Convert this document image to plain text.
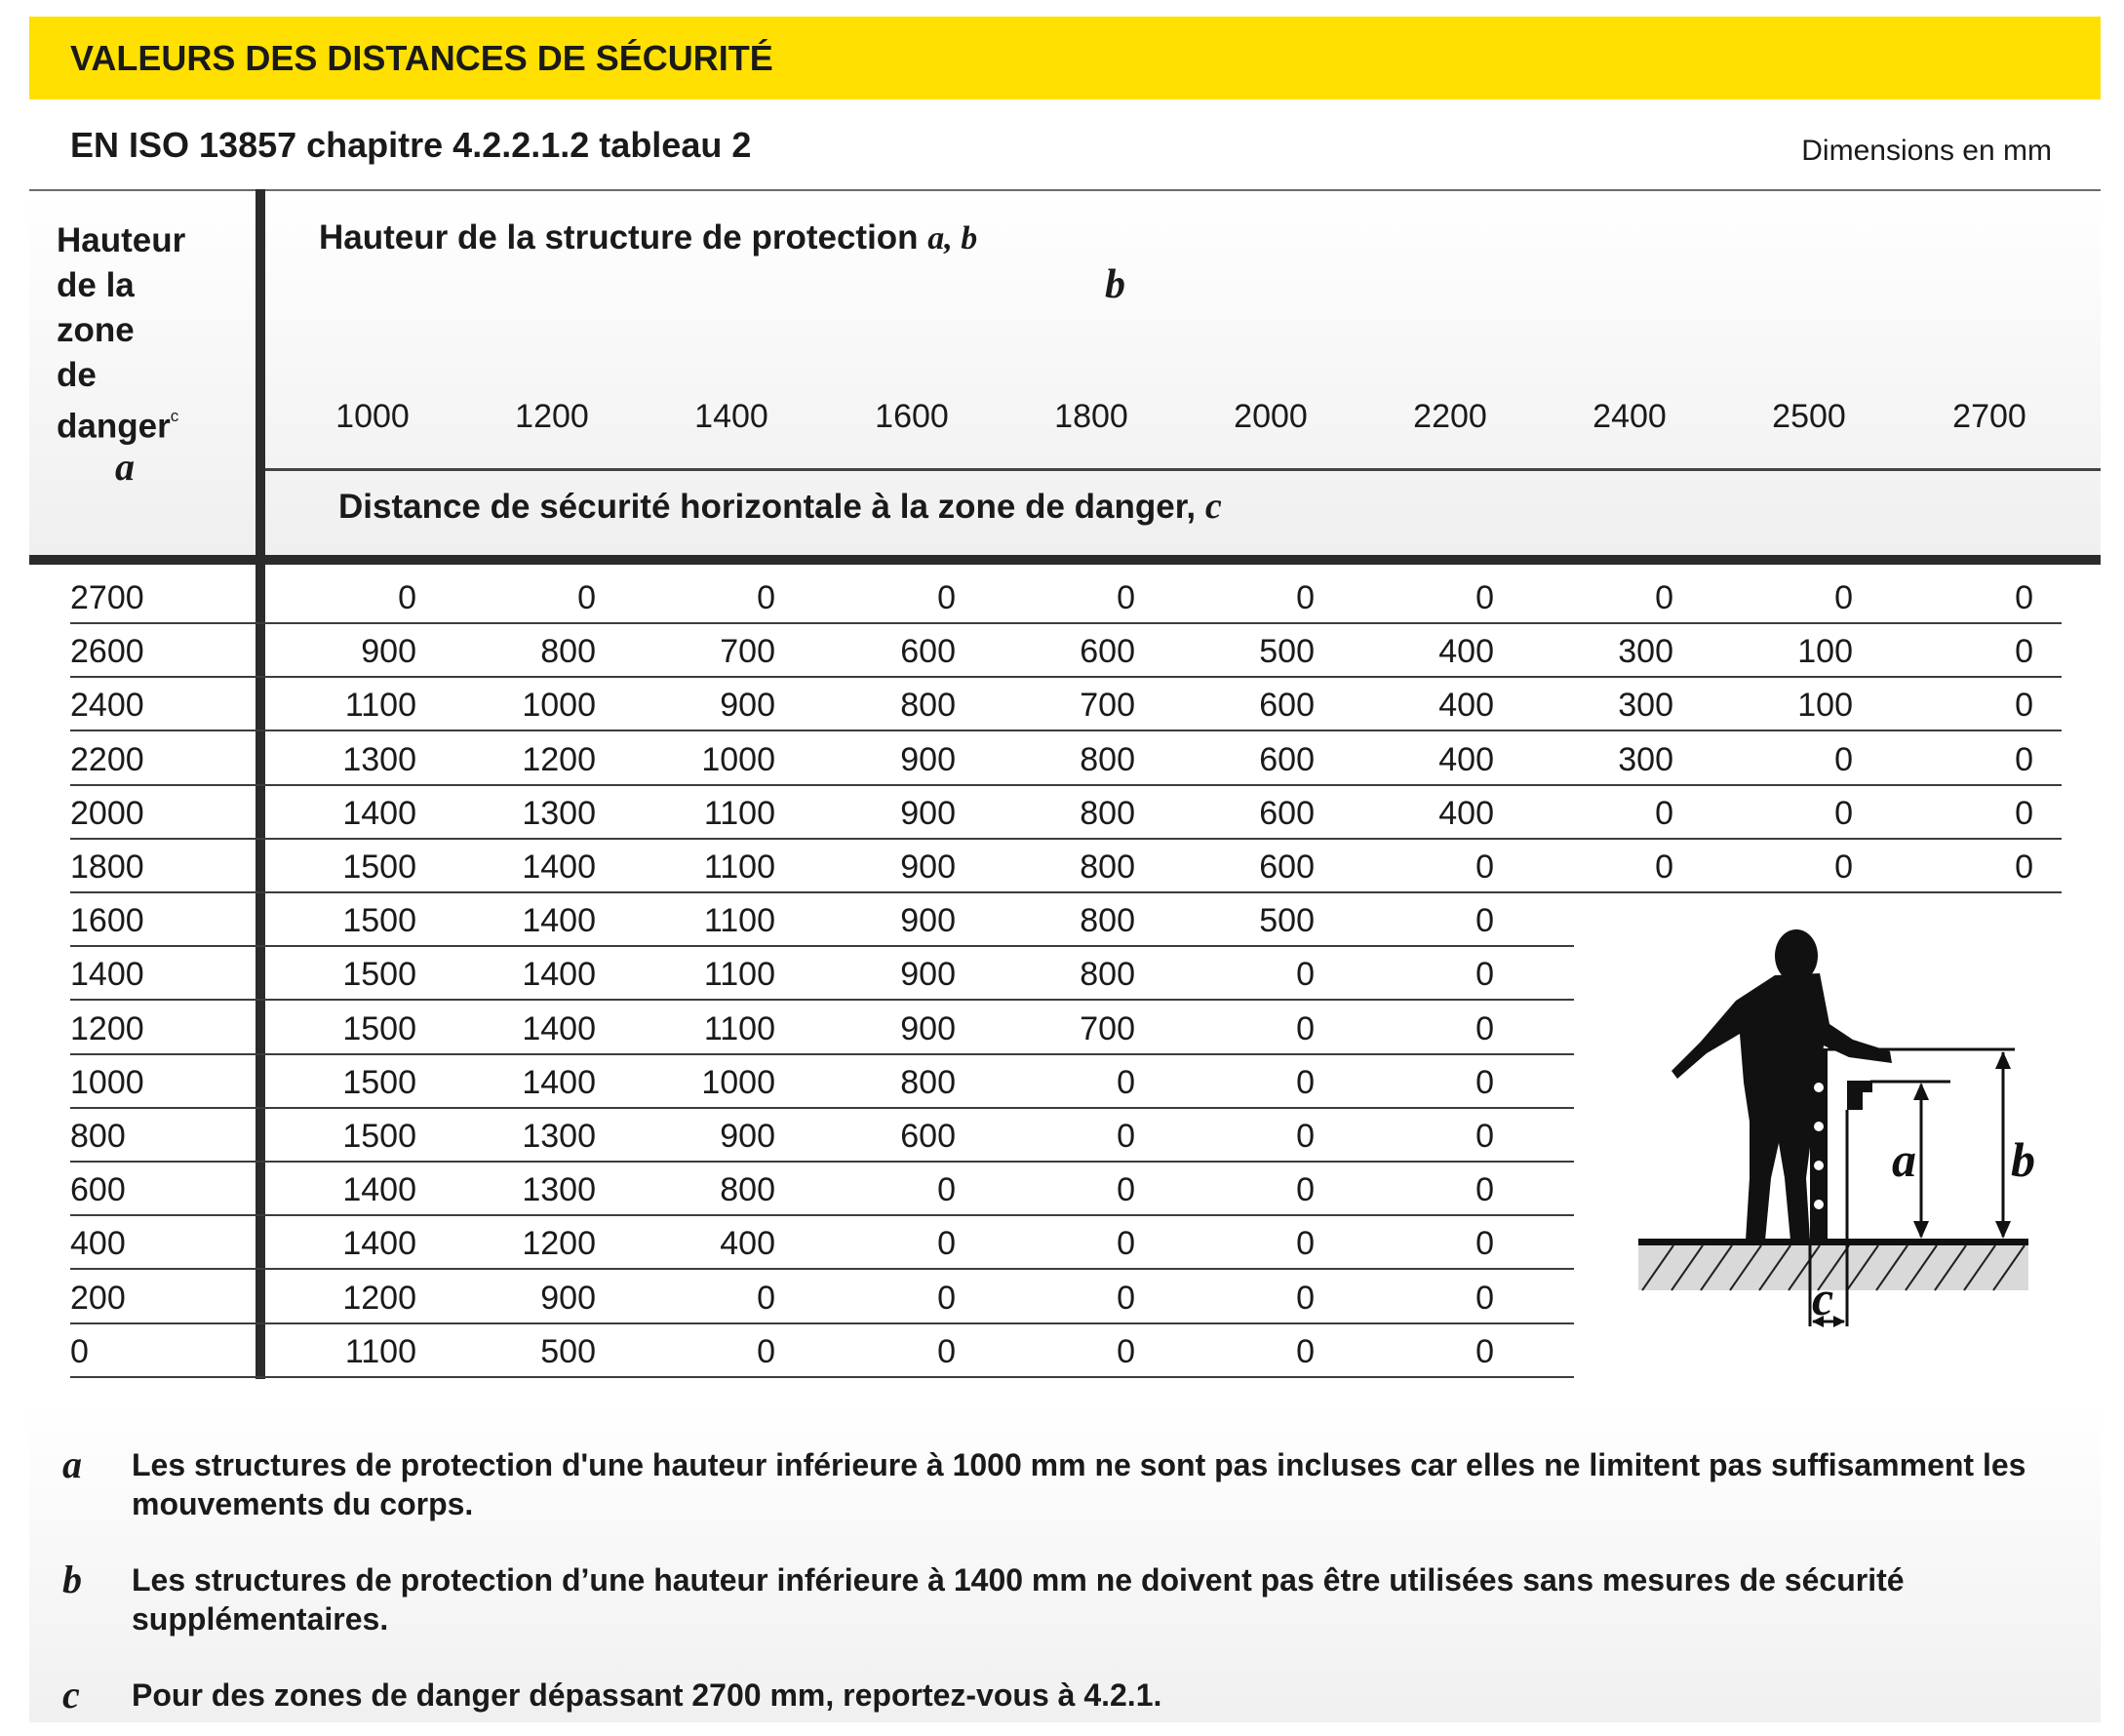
VALEURS DES DISTANCES DE SÉCURITÉ
EN ISO 13857 chapitre 4.2.2.1.2 tableau 2	Dimensions en mm
Hauteur
de la
zone
de
danger$^c$
a
Hauteur de la structure de protection a, b
b
1000	1200	1400	1600	1800	2000	2200	2400	2500	2700
Distance de sécurité horizontale à la zone de danger, c
2700	0	0	0	0	0	0	0	0	0	0
2600	900	800	700	600	600	500	400	300	100	0
2400	1100	1000	900	800	700	600	400	300	100	0
2200	1300	1200	1000	900	800	600	400	300	0	0
2000	1400	1300	1100	900	800	600	400	0	0	0
1800	1500	1400	1100	900	800	600	0	0	0	0
1600	1500	1400	1100	900	800	500	0
1400	1500	1400	1100	900	800	0	0
1200	1500	1400	1100	900	700	0	0
1000	1500	1400	1000	800	0	0	0
800	1500	1300	900	600	0	0	0
600	1400	1300	800	0	0	0	0
400	1400	1200	400	0	0	0	0
200	1200	900	0	0	0	0	0
0	1100	500	0	0	0	0	0
a b
c
a Les structures de protection d'une hauteur inférieure à 1000 mm ne sont pas incluses car elles ne limitent pas suffisamment les
mouvements du corps.
b Les structures de protection d’une hauteur inférieure à 1400 mm ne doivent pas être utilisées sans mesures de sécurité
supplémentaires.
c Pour des zones de danger dépassant 2700 mm, reportez-vous à 4.2.1.
